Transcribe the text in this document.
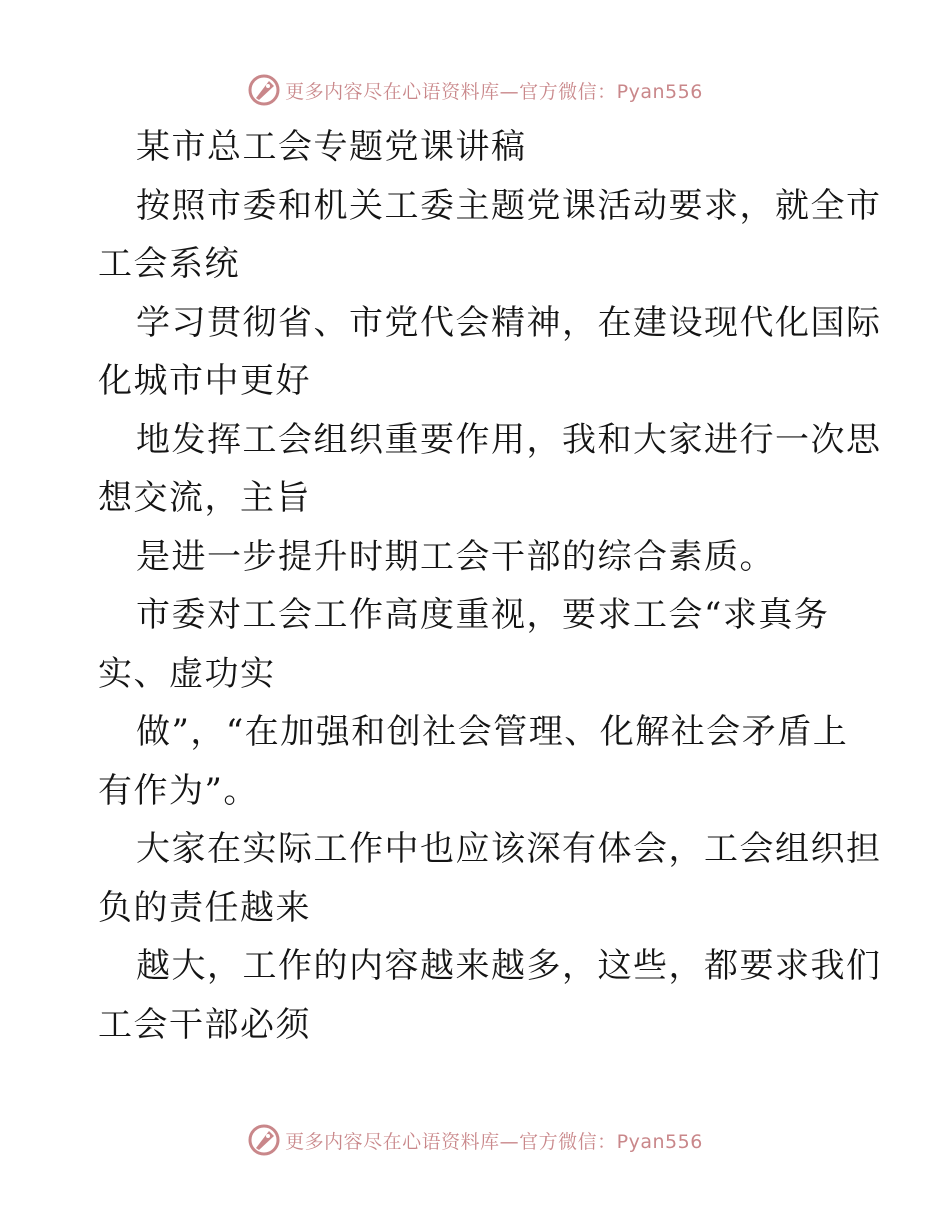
更多内容尽在心语资料库—官方微信：Pyan556
某市总工会专题党课讲稿
按照市委和机关工委主题党课活动要求，就全市
工会系统
学习贯彻省、市党代会精神，在建设现代化国际
化城市中更好
地发挥工会组织重要作用，我和大家进行一次思
想交流，主旨
是进一步提升时期工会干部的综合素质。
市委对工会工作高度重视，要求工会“求真务
实、虚功实
做”，“在加强和创社会管理、化解社会矛盾上
有作为”。
大家在实际工作中也应该深有体会，工会组织担
负的责任越来
越大，工作的内容越来越多，这些，都要求我们
工会干部必须
更多内容尽在心语资料库—官方微信：Pyan556
